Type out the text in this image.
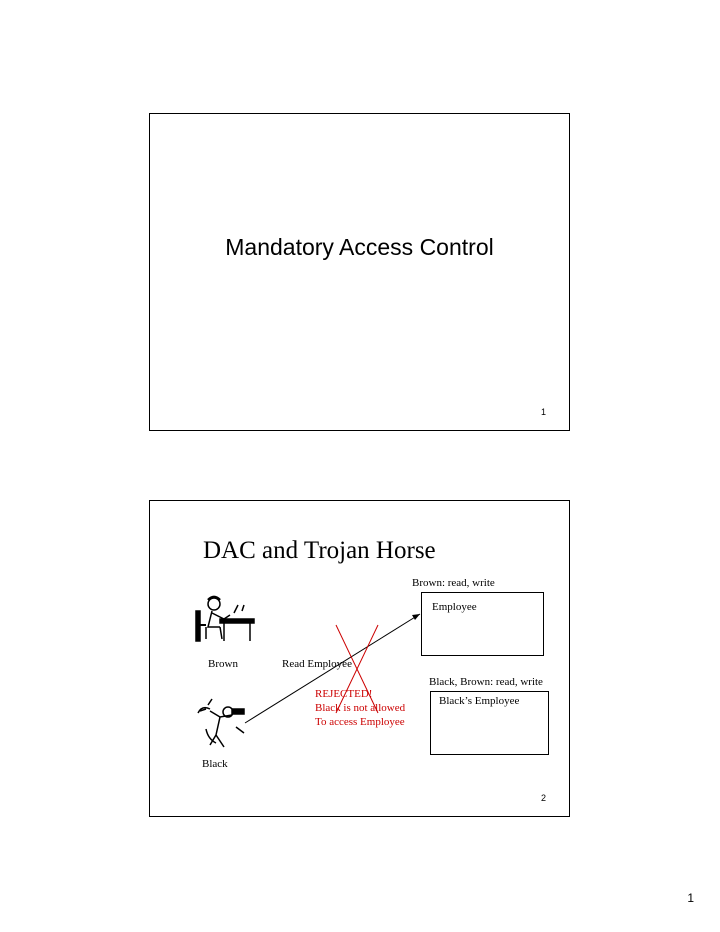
Mandatory Access Control
1
DAC and Trojan Horse
Brown: read, write
Employee
Brown	Read Employee
Black, Brown: read, write
REJECTED!
Black is not allowed
To access Employee
Black’s Employee
Black
2
1
